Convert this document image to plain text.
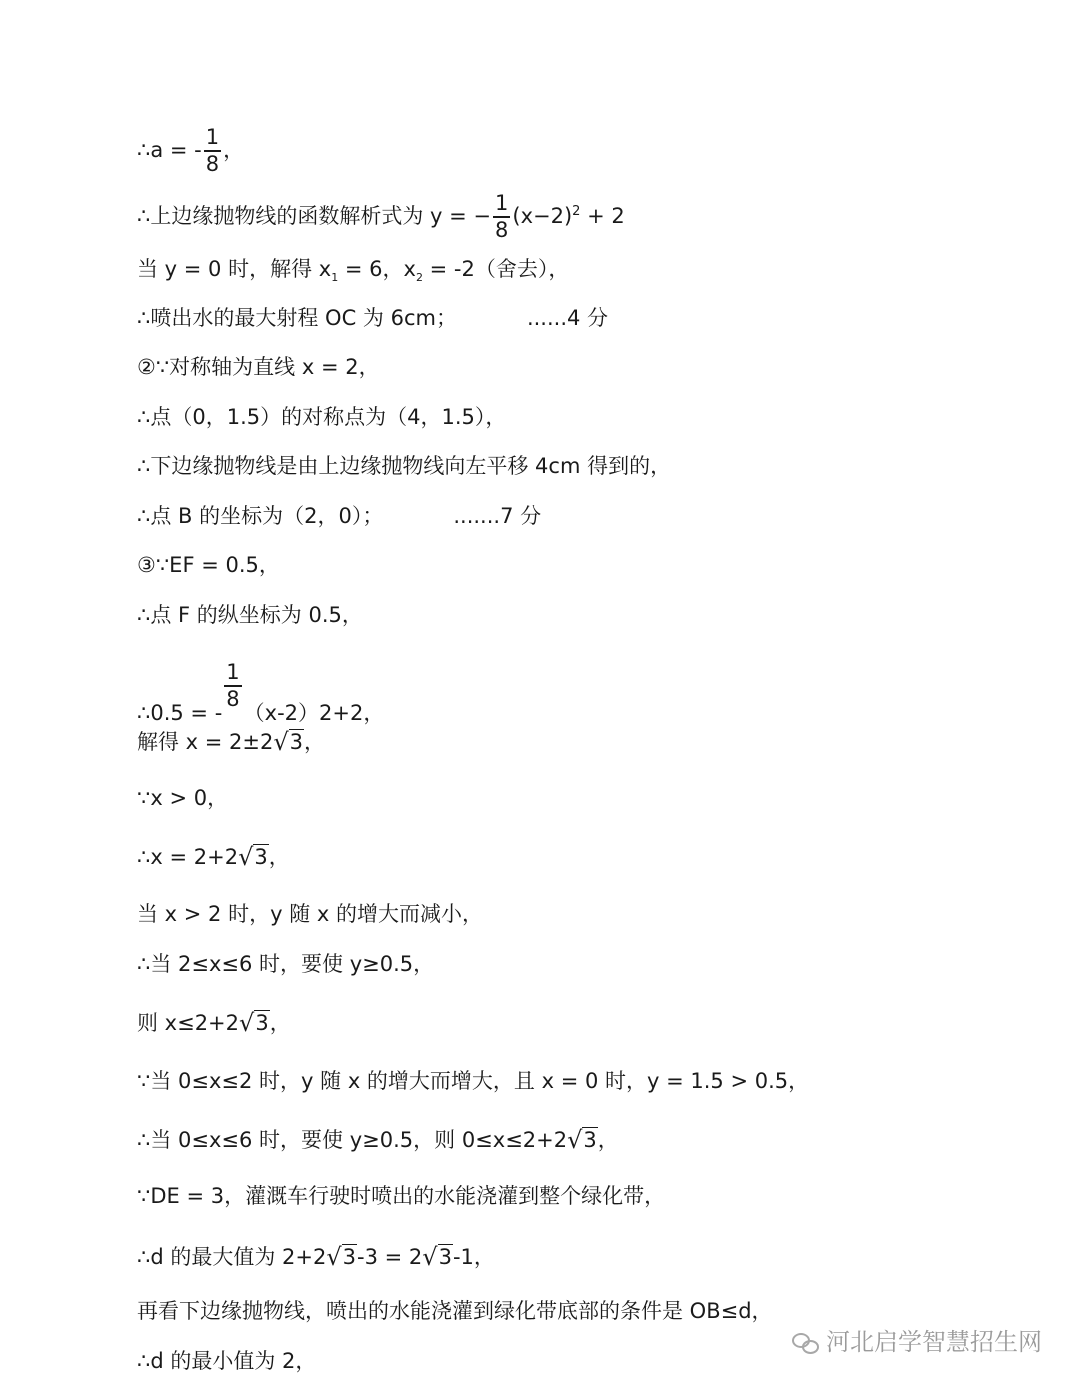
∴a = - $\frac{1}{8}$ ，
∴上边缘抛物线的函数解析式为 y = − $\frac{1}{8} (x-2)^2 + 2$
当 y = 0 时，解得 $x_1 = 6$，$x_2 = -2$（舍去），
∴喷出水的最大射程 OC 为 6cm；	......4 分
②∵对称轴为直线 x = 2，
∴点（0，1.5）的对称点为（4，1.5），
∴下边缘抛物线是由上边缘抛物线向左平移 4cm 得到的，
∴点 B 的坐标为（2，0）；	.......7 分
③∵EF = 0.5，
∴点 F 的纵坐标为 0.5，
∴0.5 = -
$\frac{1}{8}$
（x-2）2+2，
解得 x = 2±2√3，
∵x > 0，
∴x = 2+2√3，
当 x > 2 时，y 随 x 的增大而减小，
∴当 2≤x≤6 时，要使 y≥0.5，
则 x≤2+2√3，
∵当 0≤x≤2 时，y 随 x 的增大而增大，且 x = 0 时，y = 1.5 > 0.5，
∴当 0≤x≤6 时，要使 y≥0.5，则 0≤x≤2+2√3，
∵DE = 3，灌溉车行驶时喷出的水能浇灌到整个绿化带，
∴d 的最大值为 2+2√3-3 = 2√3-1，
再看下边缘抛物线，喷出的水能浇灌到绿化带底部的条件是 OB≤d，
∴d 的最小值为 2，
河北启学智慧招生网
